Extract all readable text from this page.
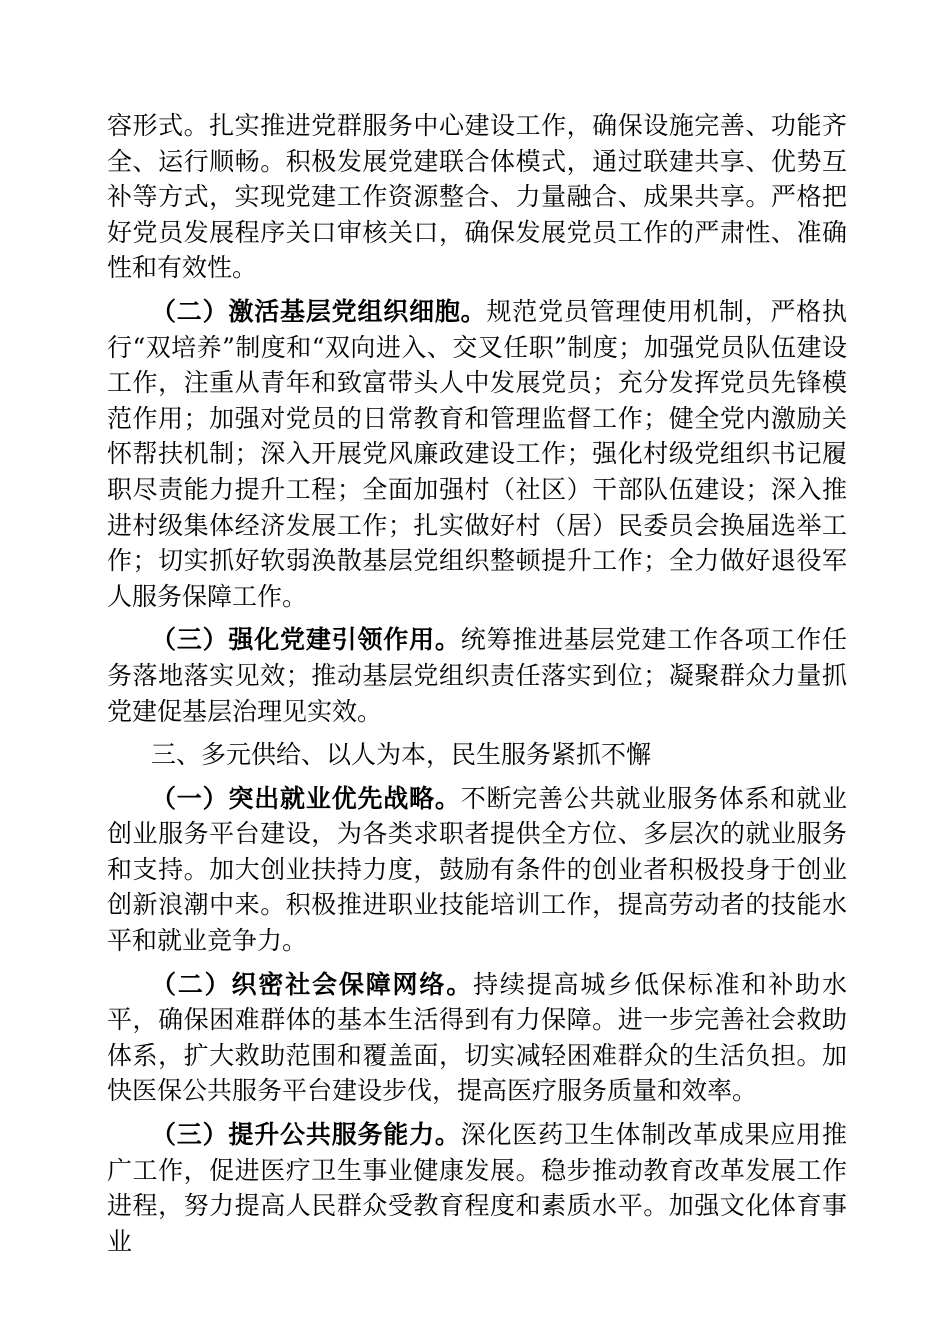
容形式。扎实推进党群服务中心建设工作，确保设施完善、功能齐全、运行顺畅。积极发展党建联合体模式，通过联建共享、优势互补等方式，实现党建工作资源整合、力量融合、成果共享。严格把好党员发展程序关口审核关口，确保发展党员工作的严肃性、准确性和有效性。

（二）激活基层党组织细胞。规范党员管理使用机制，严格执行“双培养”制度和“双向进入、交叉任职”制度；加强党员队伍建设工作，注重从青年和致富带头人中发展党员；充分发挥党员先锋模范作用；加强对党员的日常教育和管理监督工作；健全党内激励关怀帮扶机制；深入开展党风廉政建设工作；强化村级党组织书记履职尽责能力提升工程；全面加强村（社区）干部队伍建设；深入推进村级集体经济发展工作；扎实做好村（居）民委员会换届选举工作；切实抓好软弱涣散基层党组织整顿提升工作；全力做好退役军人服务保障工作。

（三）强化党建引领作用。统筹推进基层党建工作各项工作任务落地落实见效；推动基层党组织责任落实到位；凝聚群众力量抓党建促基层治理见实效。

三、多元供给、以人为本，民生服务紧抓不懈

（一）突出就业优先战略。不断完善公共就业服务体系和就业创业服务平台建设，为各类求职者提供全方位、多层次的就业服务和支持。加大创业扶持力度，鼓励有条件的创业者积极投身于创业创新浪潮中来。积极推进职业技能培训工作，提高劳动者的技能水平和就业竞争力。

（二）织密社会保障网络。持续提高城乡低保标准和补助水平，确保困难群体的基本生活得到有力保障。进一步完善社会救助体系，扩大救助范围和覆盖面，切实减轻困难群众的生活负担。加快医保公共服务平台建设步伐，提高医疗服务质量和效率。

（三）提升公共服务能力。深化医药卫生体制改革成果应用推广工作，促进医疗卫生事业健康发展。稳步推动教育改革发展工作进程，努力提高人民群众受教育程度和素质水平。加强文化体育事业
